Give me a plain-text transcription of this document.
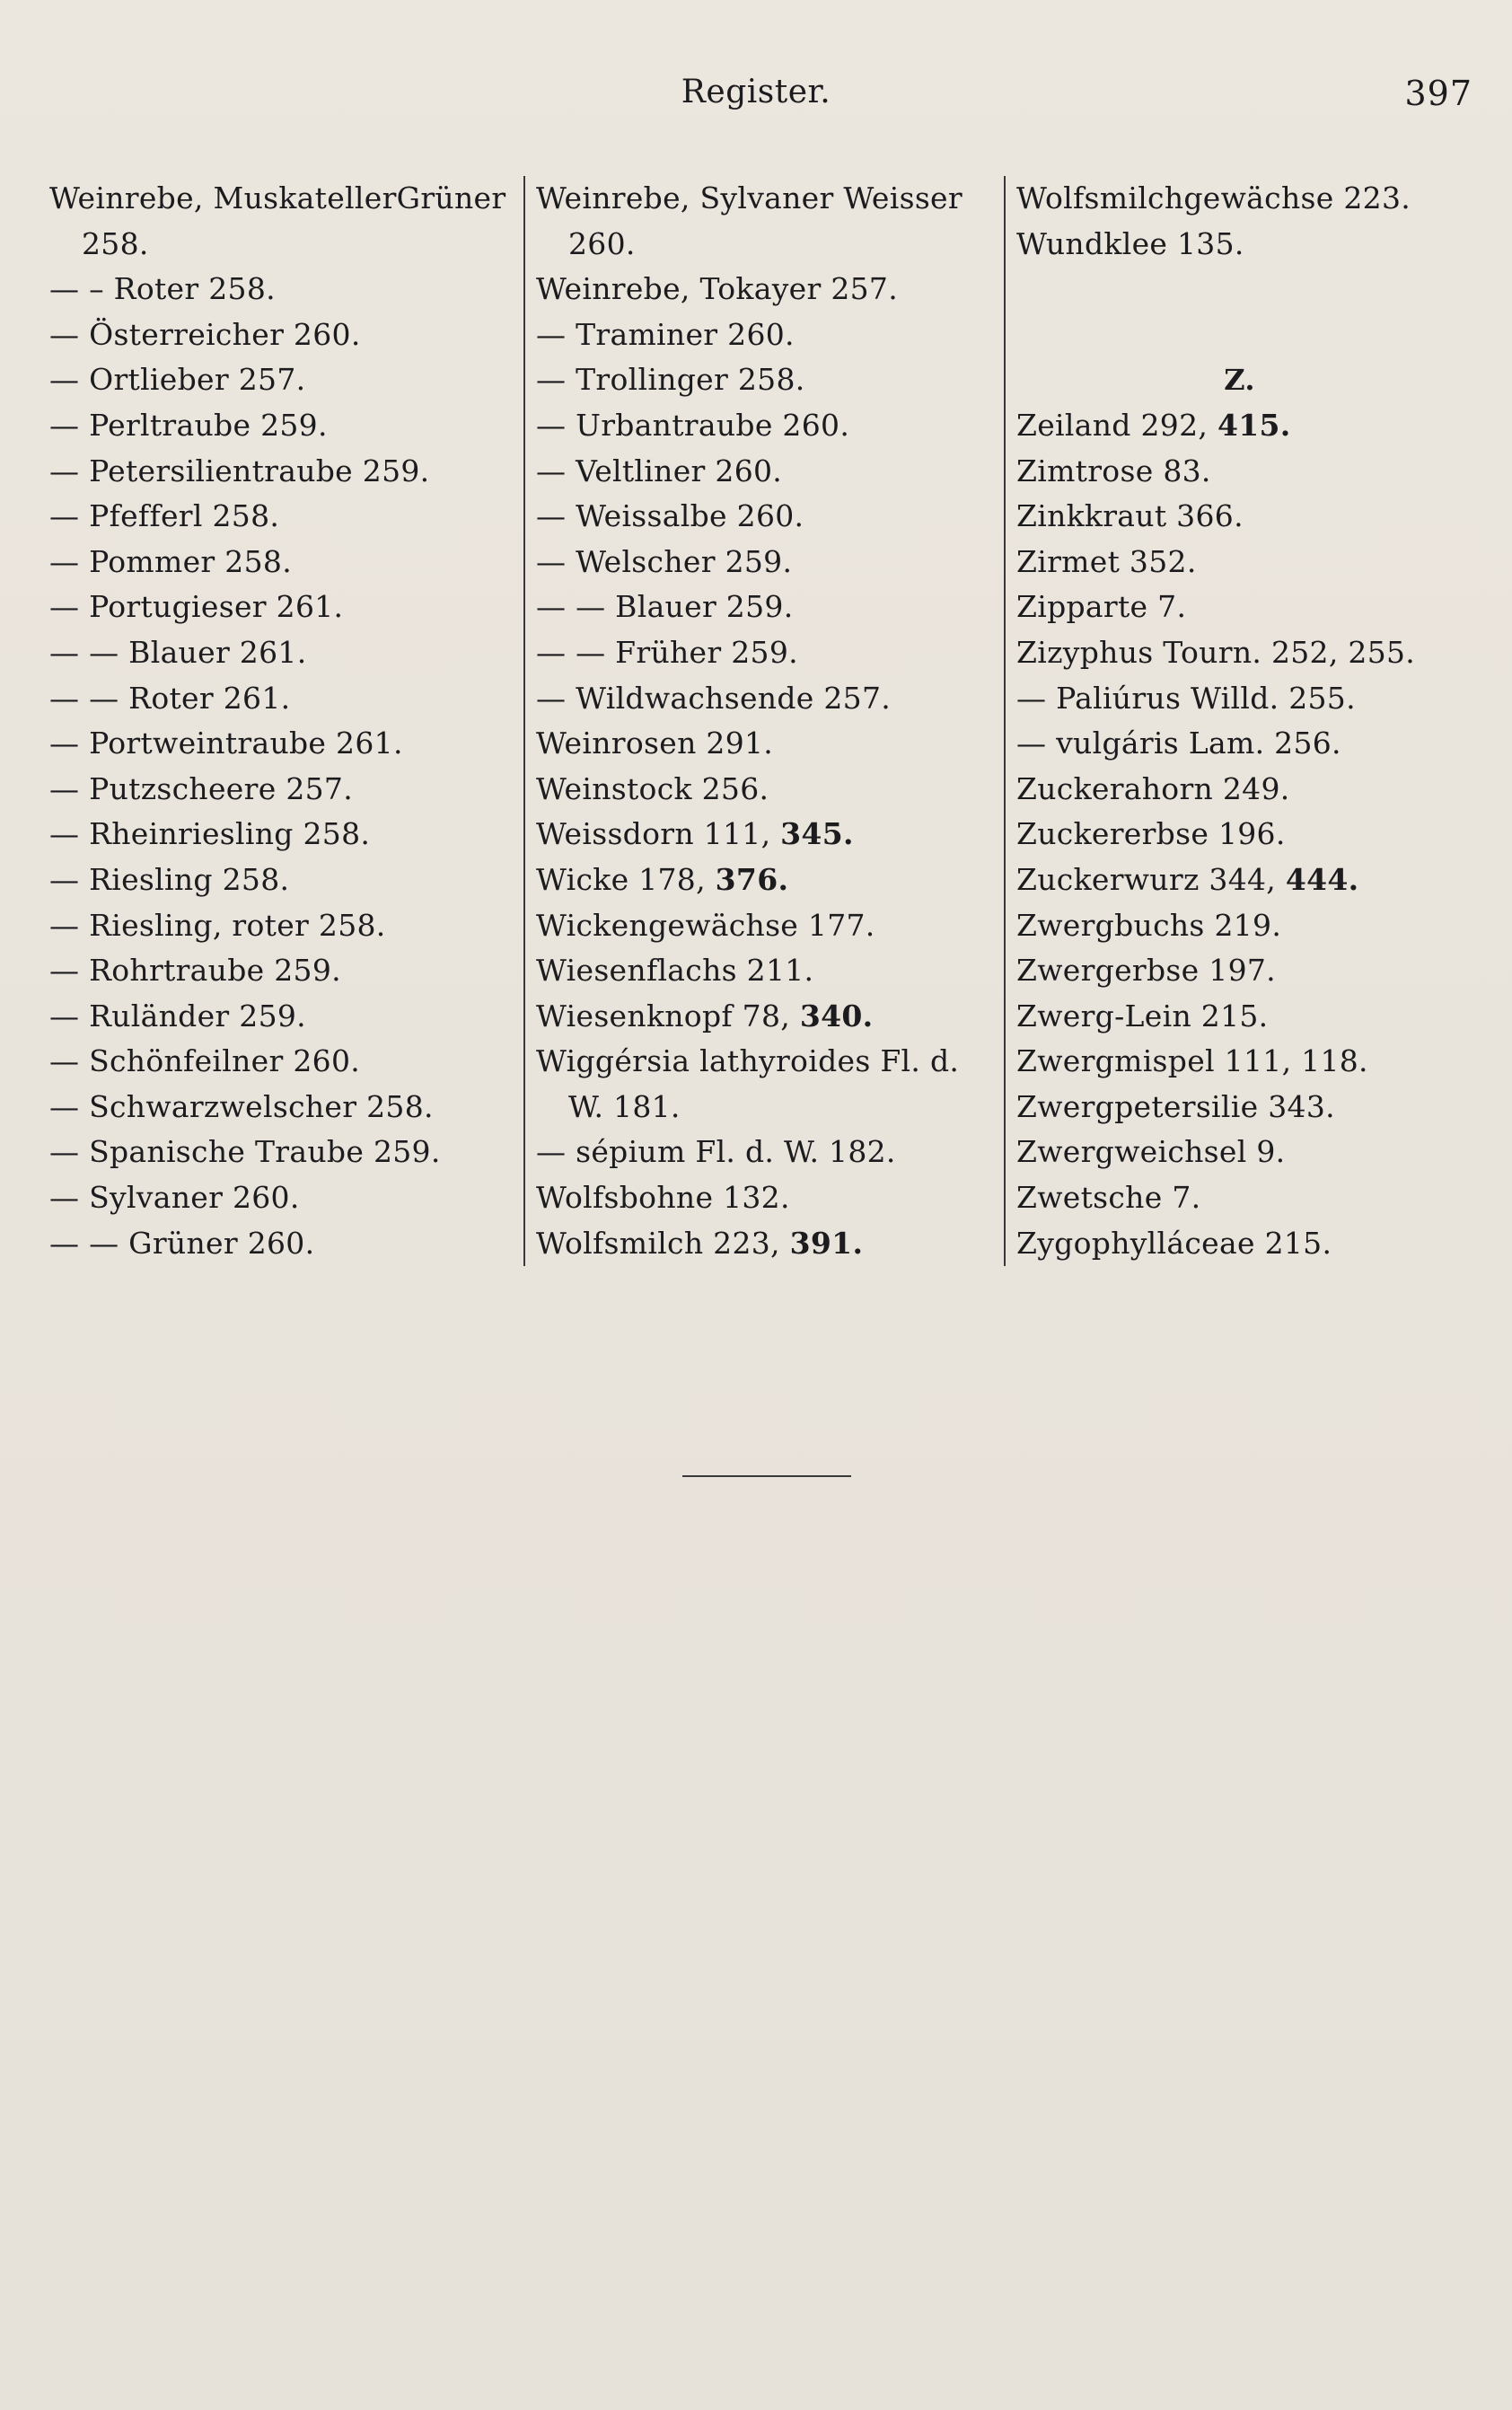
Register.	397
Weinrebe, MuskatellerGrüner
258.
— – Roter 258.
— Österreicher 260.
— Ortlieber 257.
— Perltraube 259.
— Petersilientraube 259.
— Pfefferl 258.
— Pommer 258.
— Portugieser 261.
— — Blauer 261.
— — Roter 261.
— Portweintraube 261.
— Putzscheere 257.
— Rheinriesling 258.
— Riesling 258.
— Riesling, roter 258.
— Rohrtraube 259.
— Ruländer 259.
— Schönfeilner 260.
— Schwarzwelscher 258.
— Spanische Traube 259.
— Sylvaner 260.
— — Grüner 260.
Weinrebe, Sylvaner Weisser
260.
Weinrebe, Tokayer 257.
— Traminer 260.
— Trollinger 258.
— Urbantraube 260.
— Veltliner 260.
— Weissalbe 260.
— Welscher 259.
— — Blauer 259.
— — Früher 259.
— Wildwachsende 257.
Weinrosen 291.
Weinstock 256.
Weissdorn 111, 345.
Wicke 178, 376.
Wickengewächse 177.
Wiesenflachs 211.
Wiesenknopf 78, 340.
Wiggérsia lathyroides Fl. d.
W. 181.
— sépium Fl. d. W. 182.
Wolfsbohne 132.
Wolfsmilch 223, 391.
Wolfsmilchgewächse 223.
Wundklee 135.
Z.
Zeiland 292, 415.
Zimtrose 83.
Zinkkraut 366.
Zirmet 352.
Zipparte 7.
Zizyphus Tourn. 252, 255.
— Paliúrus Willd. 255.
— vulgáris Lam. 256.
Zuckerahorn 249.
Zuckererbse 196.
Zuckerwurz 344, 444.
Zwergbuchs 219.
Zwergerbse 197.
Zwerg-Lein 215.
Zwergmispel 111, 118.
Zwergpetersilie 343.
Zwergweichsel 9.
Zwetsche 7.
Zygophylláceae 215.
